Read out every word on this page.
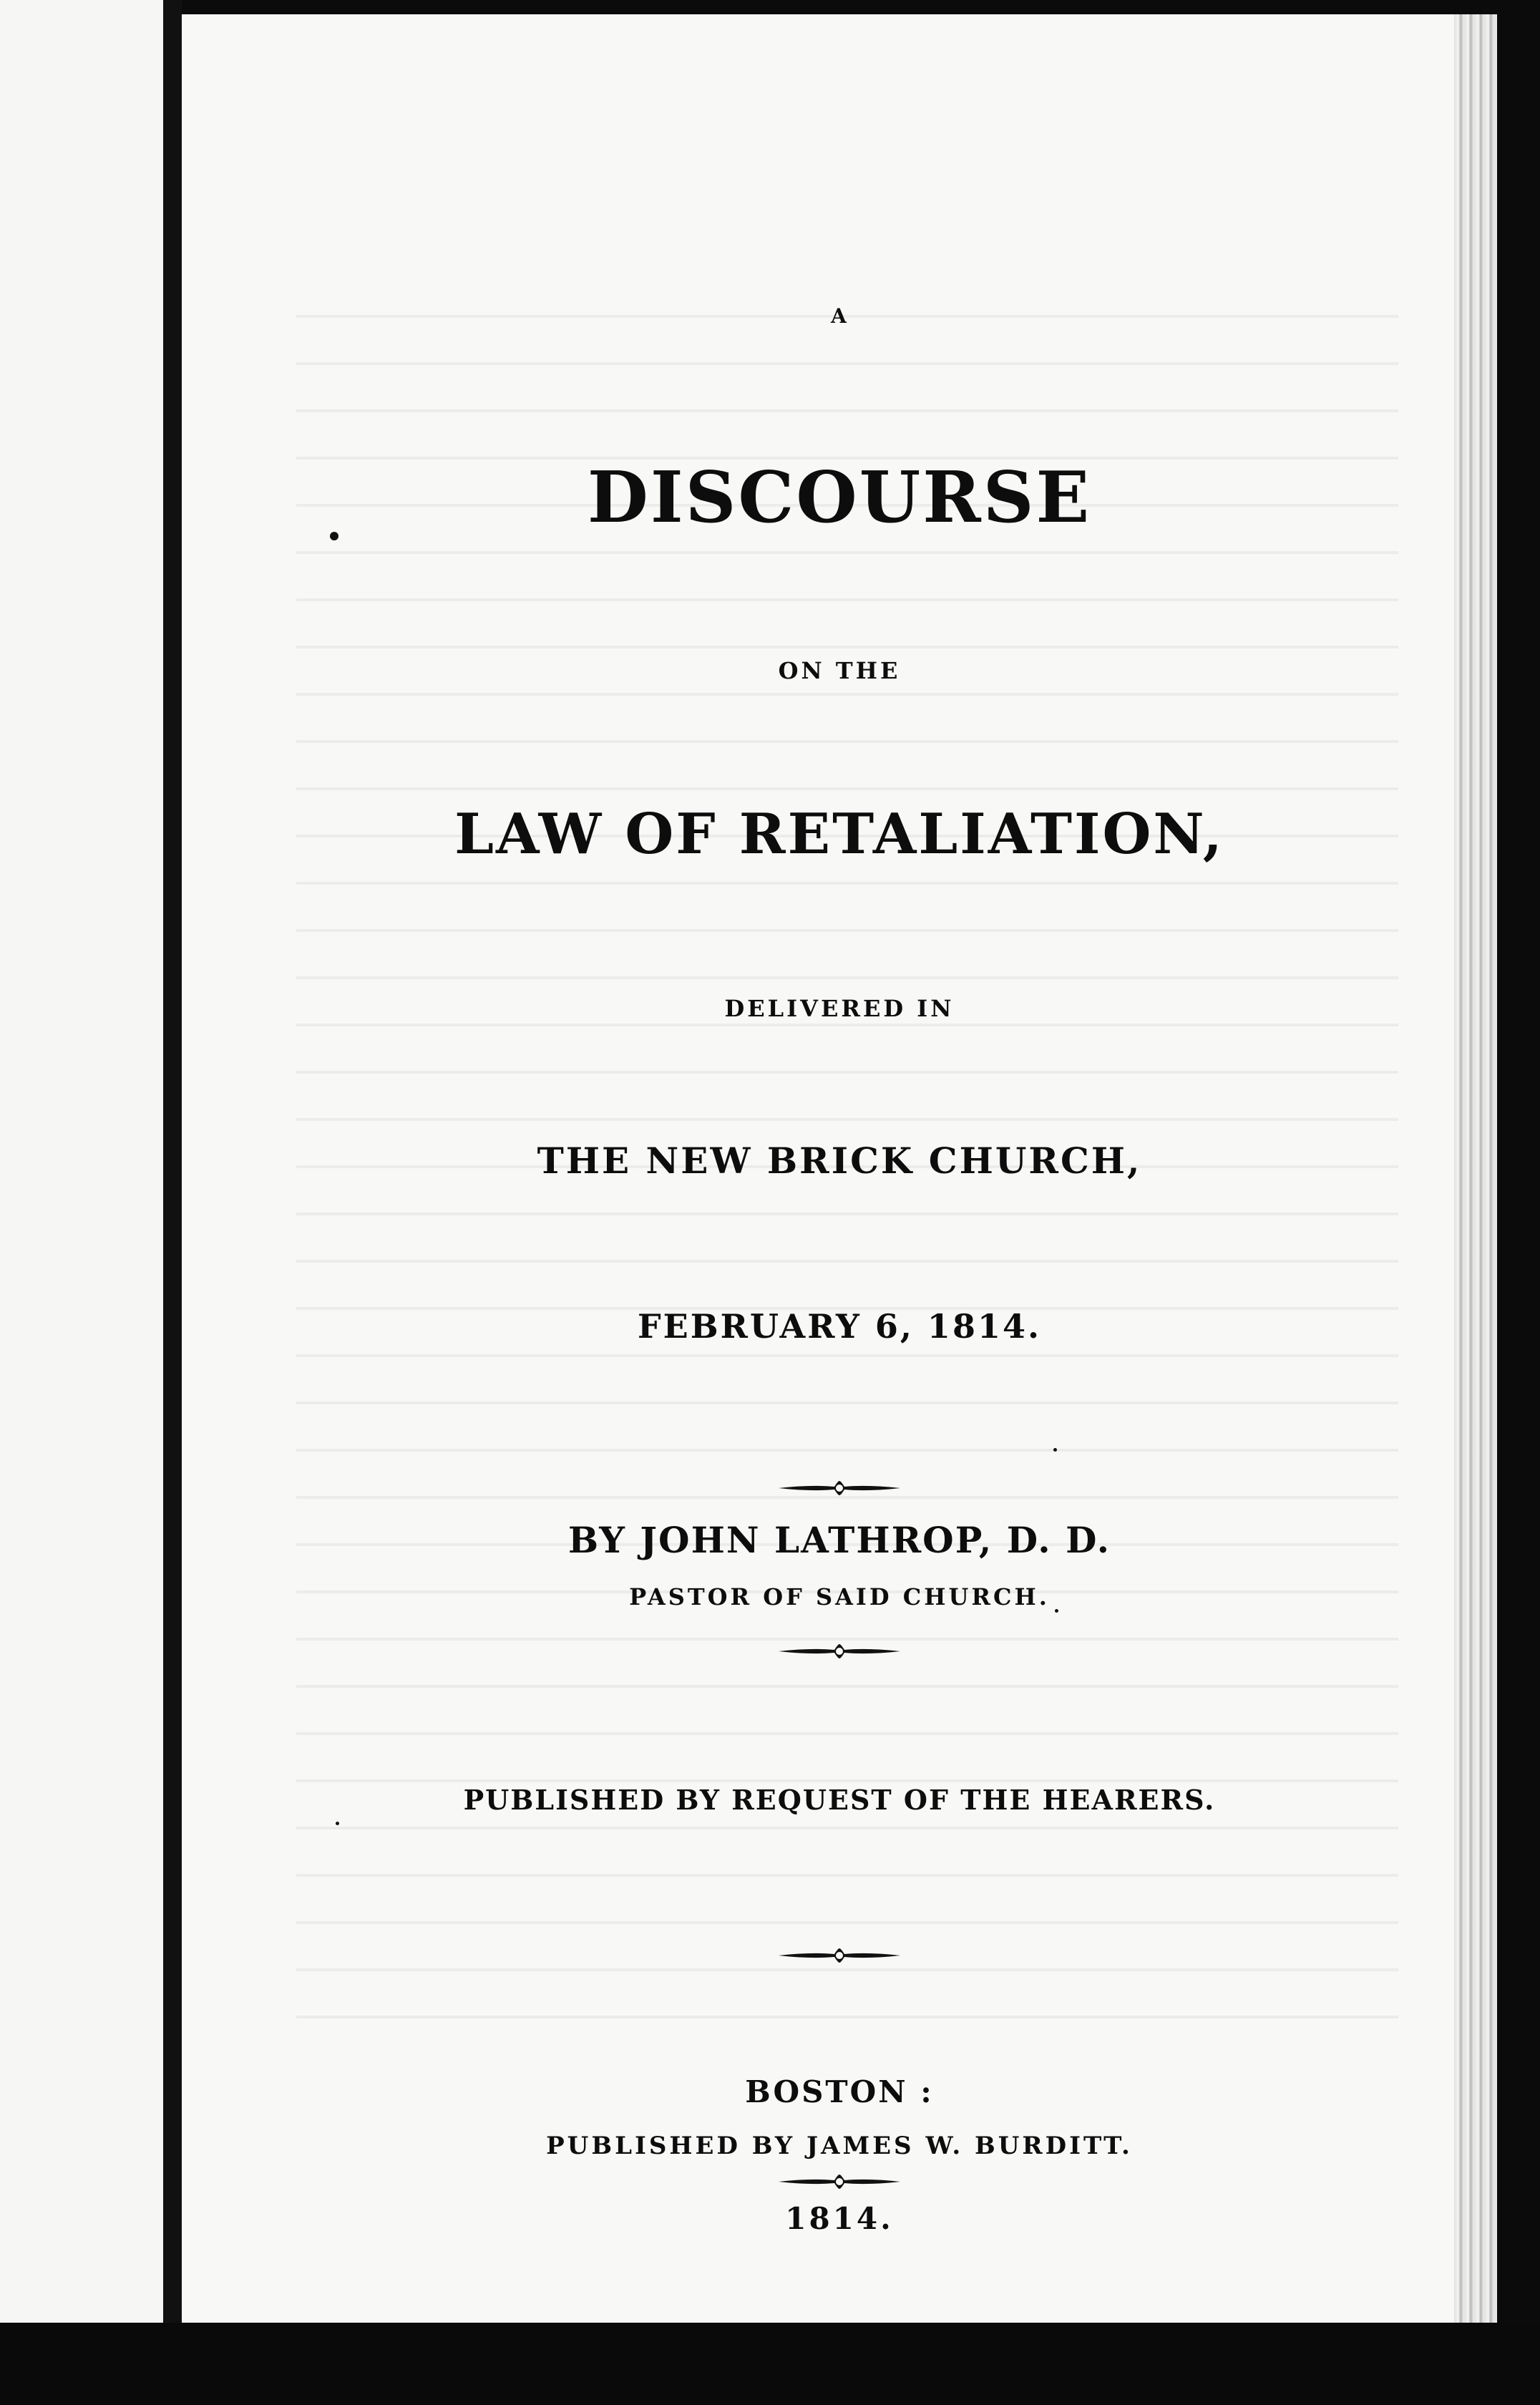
A

DISCOURSE

ON THE

LAW OF RETALIATION,

DELIVERED IN

THE NEW BRICK CHURCH,

FEBRUARY 6, 1814.

BY JOHN LATHROP, D. D.

PASTOR OF SAID CHURCH.

PUBLISHED BY REQUEST OF THE HEARERS.

BOSTON :

PUBLISHED BY JAMES W. BURDITT.

1814.
